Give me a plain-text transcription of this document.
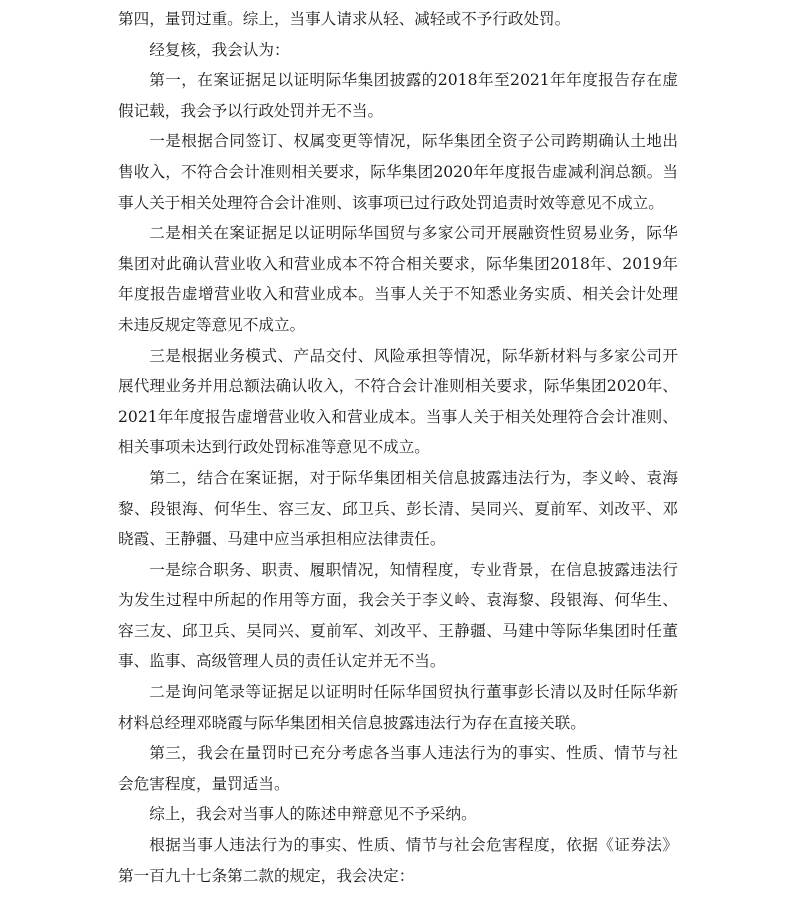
第四，量罚过重。综上，当事人请求从轻、减轻或不予行政处罚。

经复核，我会认为：

第一，在案证据足以证明际华集团披露的2018年至2021年年度报告存在虚假记载，我会予以行政处罚并无不当。

一是根据合同签订、权属变更等情况，际华集团全资子公司跨期确认土地出售收入，不符合会计准则相关要求，际华集团2020年年度报告虚减利润总额。当事人关于相关处理符合会计准则、该事项已过行政处罚追责时效等意见不成立。

二是相关在案证据足以证明际华国贸与多家公司开展融资性贸易业务，际华集团对此确认营业收入和营业成本不符合相关要求，际华集团2018年、2019年年度报告虚增营业收入和营业成本。当事人关于不知悉业务实质、相关会计处理未违反规定等意见不成立。

三是根据业务模式、产品交付、风险承担等情况，际华新材料与多家公司开展代理业务并用总额法确认收入，不符合会计准则相关要求，际华集团2020年、2021年年度报告虚增营业收入和营业成本。当事人关于相关处理符合会计准则、相关事项未达到行政处罚标准等意见不成立。

第二，结合在案证据，对于际华集团相关信息披露违法行为，李义岭、袁海黎、段银海、何华生、容三友、邱卫兵、彭长清、吴同兴、夏前军、刘改平、邓晓霞、王静疆、马建中应当承担相应法律责任。

一是综合职务、职责、履职情况，知情程度，专业背景，在信息披露违法行为发生过程中所起的作用等方面，我会关于李义岭、袁海黎、段银海、何华生、容三友、邱卫兵、吴同兴、夏前军、刘改平、王静疆、马建中等际华集团时任董事、监事、高级管理人员的责任认定并无不当。

二是询问笔录等证据足以证明时任际华国贸执行董事彭长清以及时任际华新材料总经理邓晓霞与际华集团相关信息披露违法行为存在直接关联。

第三，我会在量罚时已充分考虑各当事人违法行为的事实、性质、情节与社会危害程度，量罚适当。

综上，我会对当事人的陈述申辩意见不予采纳。

根据当事人违法行为的事实、性质、情节与社会危害程度，依据《证券法》第一百九十七条第二款的规定，我会决定：
